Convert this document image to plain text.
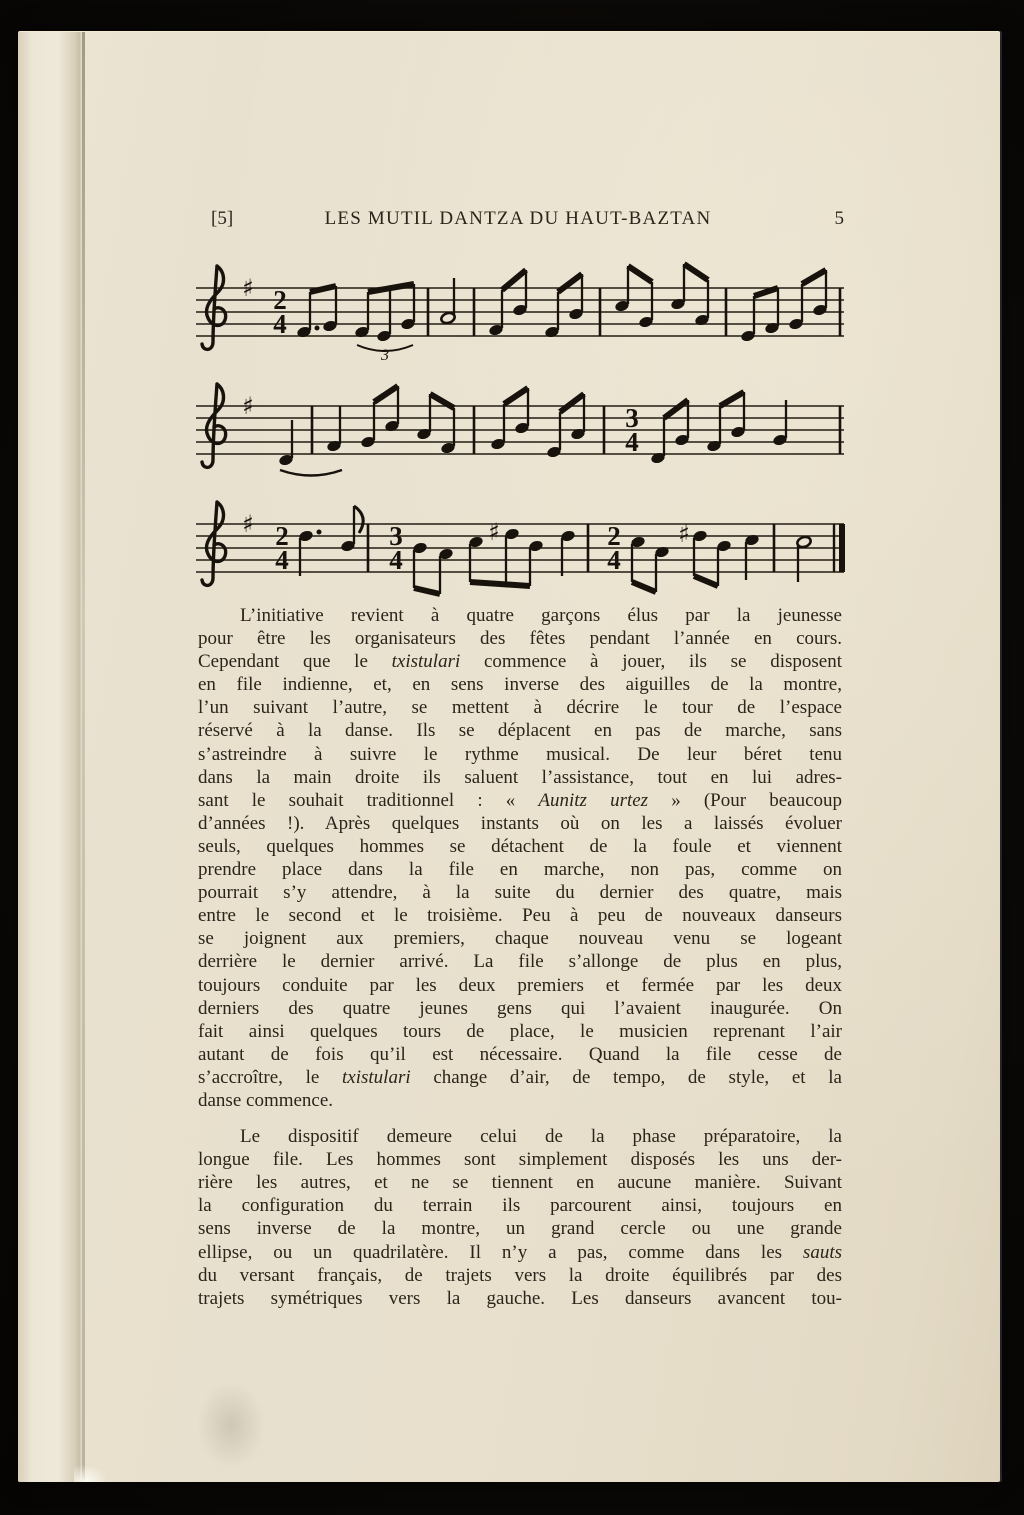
[5]	LES MUTIL DANTZA DU HAUT-BAZTAN	5
♯ 2
4
3
♯	3
4
♯ 2
4
3
4
♯	2
4
♯
L’initiative revient à quatre garçons élus par la jeunesse
pour être les organisateurs des fêtes pendant l’année en cours.
Cependant que le txistulari commence à jouer, ils se disposent
en file indienne, et, en sens inverse des aiguilles de la montre,
l’un suivant l’autre, se mettent à décrire le tour de l’espace
réservé à la danse. Ils se déplacent en pas de marche, sans
s’astreindre à suivre le rythme musical. De leur béret tenu
dans la main droite ils saluent l’assistance, tout en lui adres-
sant le souhait traditionnel : « Aunitz urtez » (Pour beaucoup
d’années !). Après quelques instants où on les a laissés évoluer
seuls, quelques hommes se détachent de la foule et viennent
prendre place dans la file en marche, non pas, comme on
pourrait s’y attendre, à la suite du dernier des quatre, mais
entre le second et le troisième. Peu à peu de nouveaux danseurs
se joignent aux premiers, chaque nouveau venu se logeant
derrière le dernier arrivé. La file s’allonge de plus en plus,
toujours conduite par les deux premiers et fermée par les deux
derniers des quatre jeunes gens qui l’avaient inaugurée. On
fait ainsi quelques tours de place, le musicien reprenant l’air
autant de fois qu’il est nécessaire. Quand la file cesse de
s’accroître, le txistulari change d’air, de tempo, de style, et la
danse commence.
Le dispositif demeure celui de la phase préparatoire, la
longue file. Les hommes sont simplement disposés les uns der-
rière les autres, et ne se tiennent en aucune manière. Suivant
la configuration du terrain ils parcourent ainsi, toujours en
sens inverse de la montre, un grand cercle ou une grande
ellipse, ou un quadrilatère. Il n’y a pas, comme dans les sauts
du versant français, de trajets vers la droite équilibrés par des
trajets symétriques vers la gauche. Les danseurs avancent tou-
